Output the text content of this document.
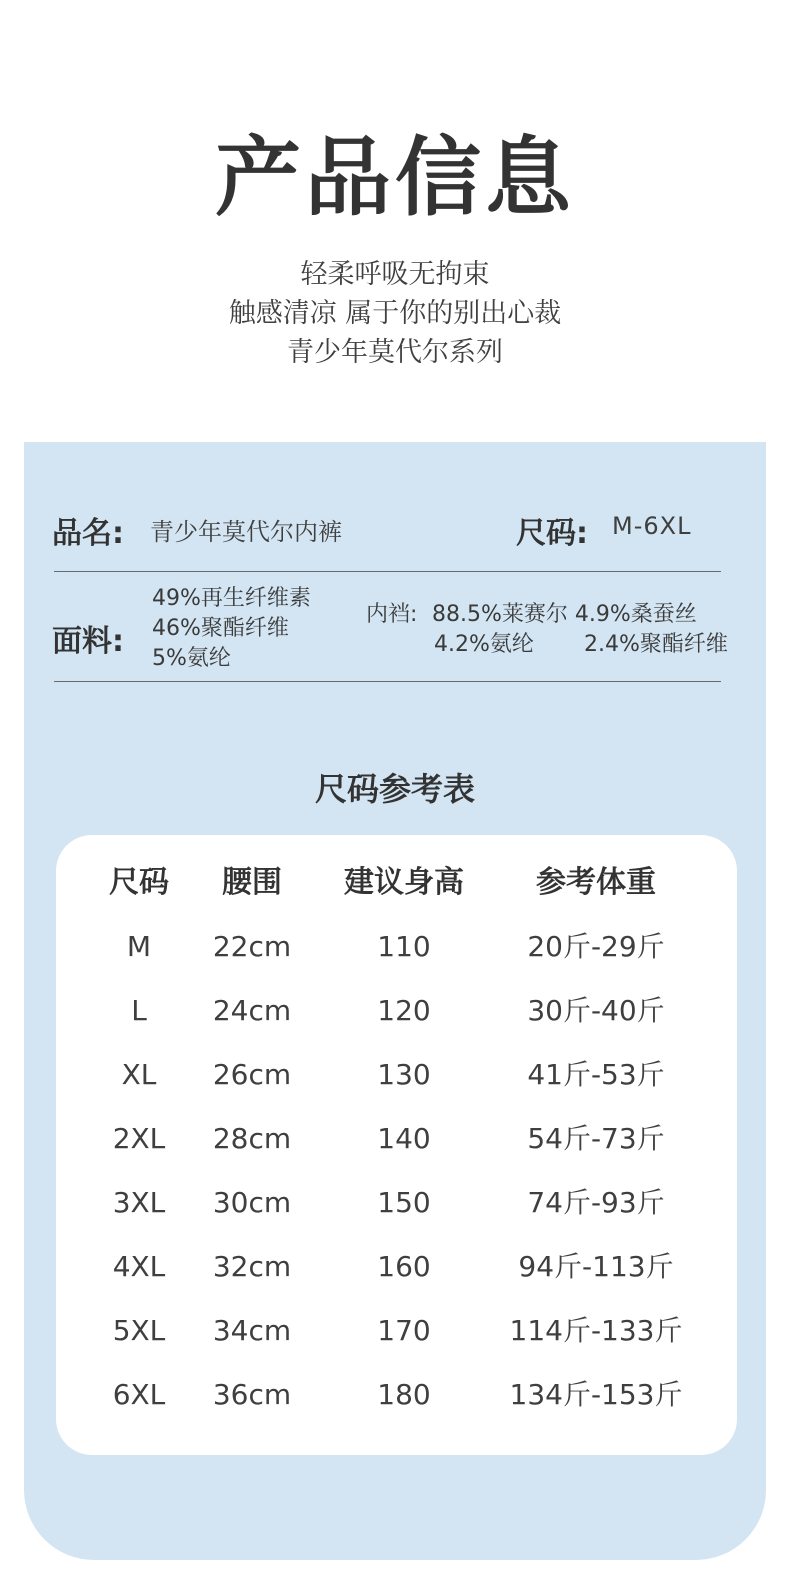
产品信息
轻柔呼吸无拘束
触感清凉 属于你的别出心裁
青少年莫代尔系列
品名: 青少年莫代尔内裤	尺码: M-6XL
面料:
49%再生纤维素
46%聚酯纤维
5%氨纶
内裆: 88.5%莱赛尔 4.9%桑蚕丝
4.2%氨纶 2.4%聚酯纤维
尺码参考表
尺码	腰围	建议身高	参考体重
M	22cm	110	20斤-29斤
L	24cm	120	30斤-40斤
XL	26cm	130	41斤-53斤
2XL	28cm	140	54斤-73斤
3XL	30cm	150	74斤-93斤
4XL	32cm	160	94斤-113斤
5XL	34cm	170	114斤-133斤
6XL	36cm	180	134斤-153斤
